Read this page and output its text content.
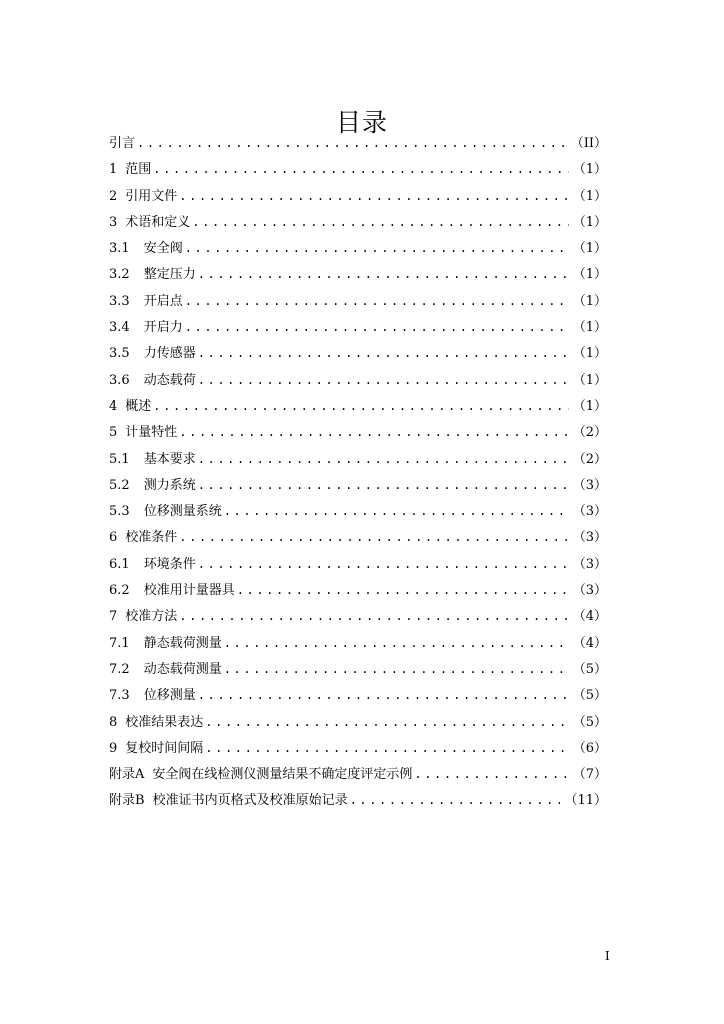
目录
引言 .....	（II）
1 范围 .....	（1）
2 引用文件 .....	（1）
3 术语和定义 .....	（1）
3.1 安全阀 .....	（1）
3.2 整定压力 .....	（1）
3.3 开启点 .....	（1）
3.4 开启力 .....	（1）
3.5 力传感器 .....	（1）
3.6 动态载荷 .....	（1）
4 概述 .....	（1）
5 计量特性 .....	（2）
5.1 基本要求 .....	（2）
5.2 测力系统 .....	（3）
5.3 位移测量系统 .....	（3）
6 校准条件 .....	（3）
6.1 环境条件 .....	（3）
6.2 校准用计量器具 .....	（3）
7 校准方法 .....	（4）
7.1 静态载荷测量 .....	（4）
7.2 动态载荷测量 .....	（5）
7.3 位移测量 .....	（5）
8 校准结果表达 .....	（5）
9 复校时间间隔 .....	（6）
附录A 安全阀在线检测仪测量结果不确定度评定示例 .....	（7）
附录B 校准证书内页格式及校准原始记录 .....	（11）
I
